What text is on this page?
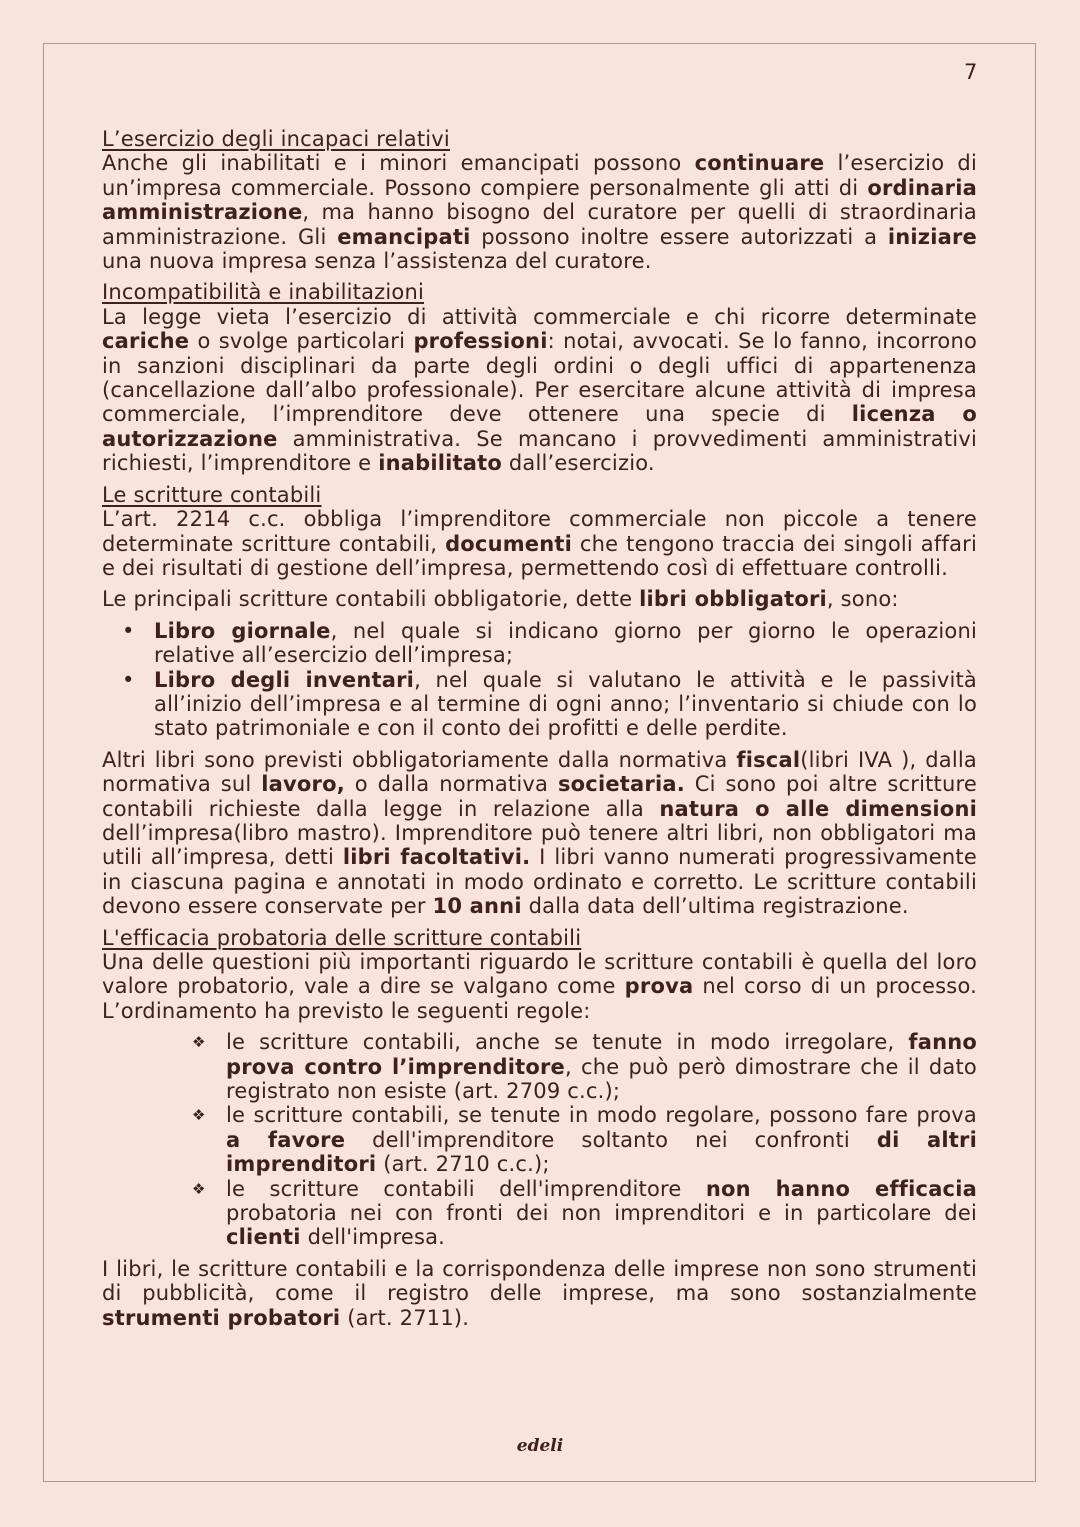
7
L’esercizio degli incapaci relativi

Anche gli inabilitati e i minori emancipati possono continuare l’esercizio di un’impresa commerciale. Possono compiere personalmente gli atti di ordinaria amministrazione, ma hanno bisogno del curatore per quelli di straordinaria amministrazione. Gli emancipati possono inoltre essere autorizzati a iniziare una nuova impresa senza l’assistenza del curatore.

Incompatibilità e inabilitazioni

La legge vieta l’esercizio di attività commerciale e chi ricorre determinate cariche o svolge particolari professioni: notai, avvocati. Se lo fanno, incorrono in sanzioni disciplinari da parte degli ordini o degli uffici di appartenenza (cancellazione dall’albo professionale). Per esercitare alcune attività di impresa commerciale, l’imprenditore deve ottenere una specie di licenza o autorizzazione amministrativa. Se mancano i provvedimenti amministrativi richiesti, l’imprenditore e inabilitato dall’esercizio.

Le scritture contabili

L’art. 2214 c.c. obbliga l’imprenditore commerciale non piccole a tenere determinate scritture contabili, documenti che tengono traccia dei singoli affari e dei risultati di gestione dell’impresa, permettendo così di effettuare controlli.

Le principali scritture contabili obbligatorie, dette libri obbligatori, sono:

• Libro giornale, nel quale si indicano giorno per giorno le operazioni relative all’esercizio dell’impresa;
• Libro degli inventari, nel quale si valutano le attività e le passività all’inizio dell’impresa e al termine di ogni anno; l’inventario si chiude con lo stato patrimoniale e con il conto dei profitti e delle perdite.

Altri libri sono previsti obbligatoriamente dalla normativa fiscal(libri IVA ), dalla normativa sul lavoro, o dalla normativa societaria. Ci sono poi altre scritture contabili richieste dalla legge in relazione alla natura o alle dimensioni dell’impresa(libro mastro). Imprenditore può tenere altri libri, non obbligatori ma utili all’impresa, detti libri facoltativi. I libri vanno numerati progressivamente in ciascuna pagina e annotati in modo ordinato e corretto. Le scritture contabili devono essere conservate per 10 anni dalla data dell’ultima registrazione.

L'efficacia probatoria delle scritture contabili

Una delle questioni più importanti riguardo le scritture contabili è quella del loro valore probatorio, vale a dire se valgano come prova nel corso di un processo. L’ordinamento ha previsto le seguenti regole:

❖ le scritture contabili, anche se tenute in modo irregolare, fanno prova contro l’imprenditore, che può però dimostrare che il dato registrato non esiste (art. 2709 c.c.);
❖ le scritture contabili, se tenute in modo regolare, possono fare prova a favore dell'imprenditore soltanto nei confronti di altri imprenditori (art. 2710 c.c.);
❖ le scritture contabili dell'imprenditore non hanno efficacia probatoria nei con fronti dei non imprenditori e in particolare dei clienti dell'impresa.

I libri, le scritture contabili e la corrispondenza delle imprese non sono strumenti di pubblicità, come il registro delle imprese, ma sono sostanzialmente strumenti probatori (art. 2711).

edeli
